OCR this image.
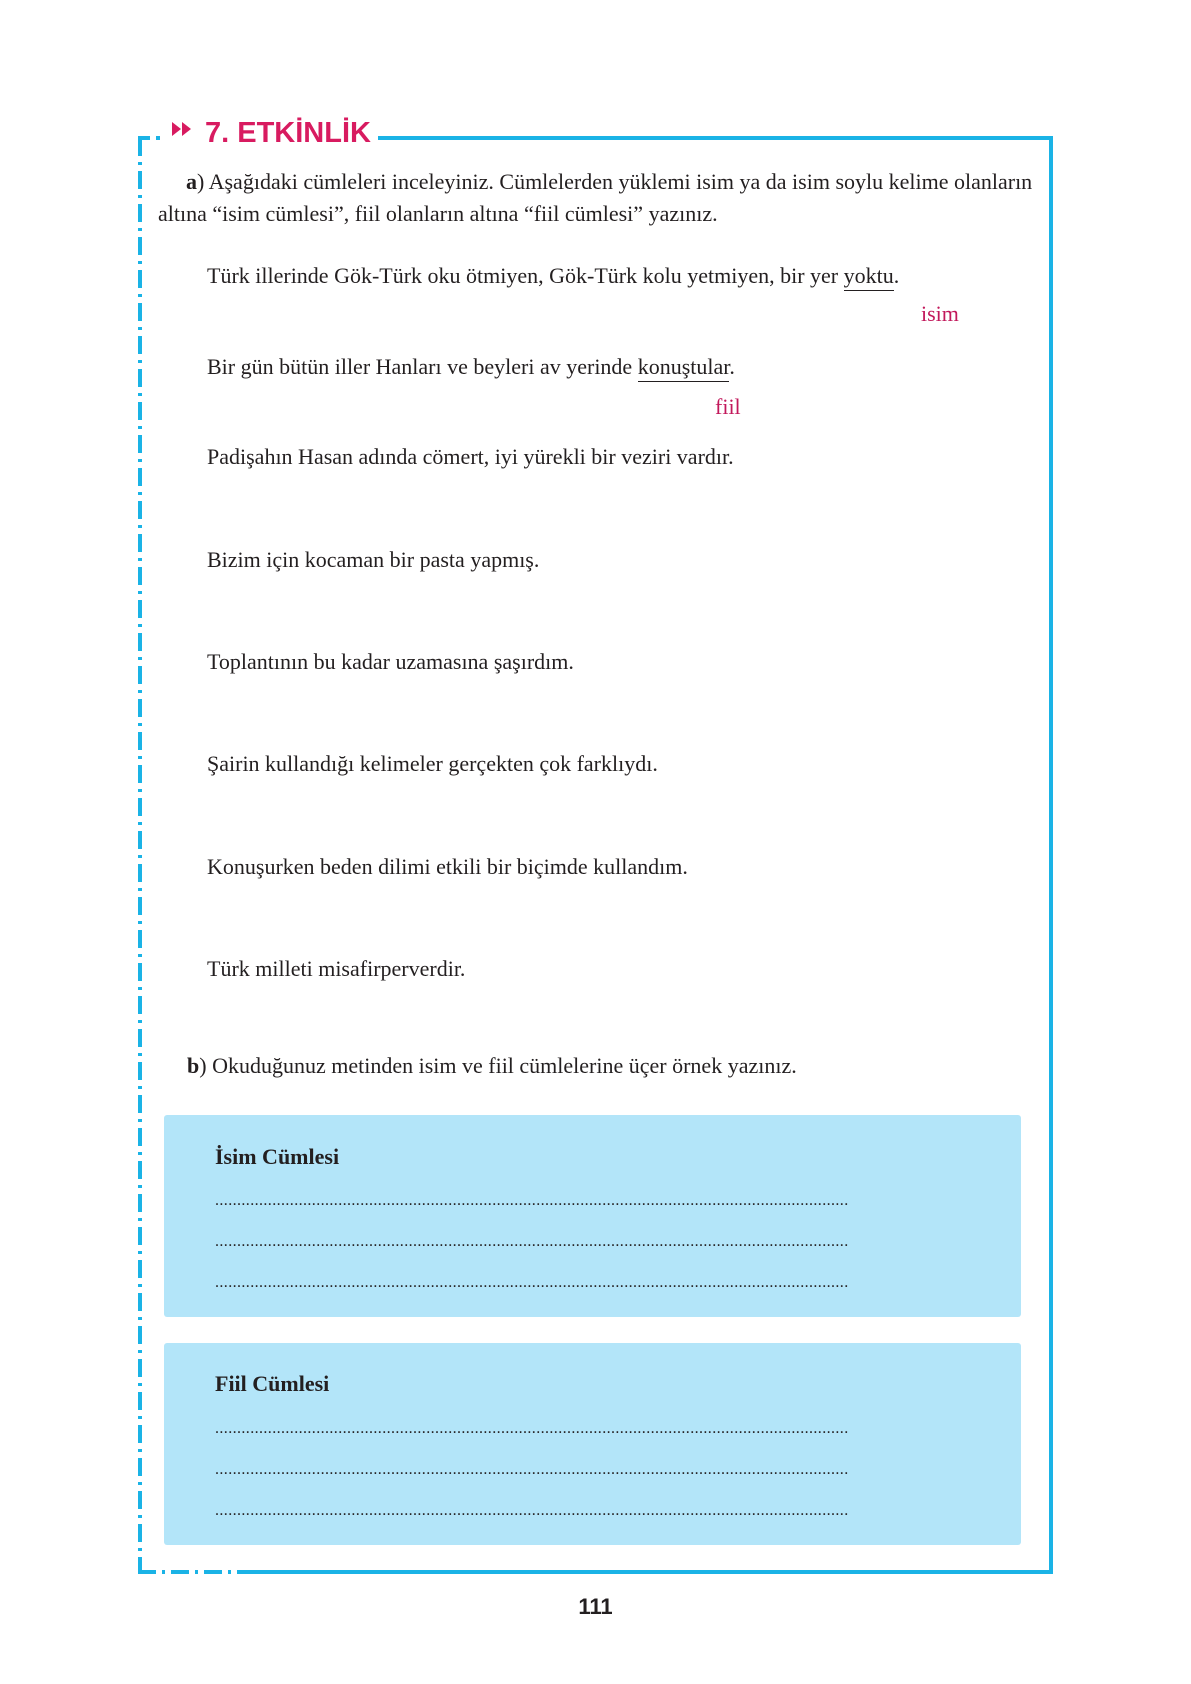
7. ETKİNLİK

a) Aşağıdaki cümleleri inceleyiniz. Cümlelerden yüklemi isim ya da isim soylu kelime olanların altına “isim cümlesi”, fiil olanların altına “fiil cümlesi” yazınız.

Türk illerinde Gök-Türk oku ötmiyen, Gök-Türk kolu yetmiyen, bir yer yoktu.

isim

Bir gün bütün iller Hanları ve beyleri av yerinde konuştular.

fiil

Padişahın Hasan adında cömert, iyi yürekli bir veziri vardır.

Bizim için kocaman bir pasta yapmış.

Toplantının bu kadar uzamasına şaşırdım.

Şairin kullandığı kelimeler gerçekten çok farklıydı.

Konuşurken beden dilimi etkili bir biçimde kullandım.

Türk milleti misafirperverdir.

b) Okuduğunuz metinden isim ve fiil cümlelerine üçer örnek yazınız.

İsim Cümlesi

................................................................................................................................................
................................................................................................................................................
................................................................................................................................................

Fiil Cümlesi

................................................................................................................................................
................................................................................................................................................
................................................................................................................................................

111
